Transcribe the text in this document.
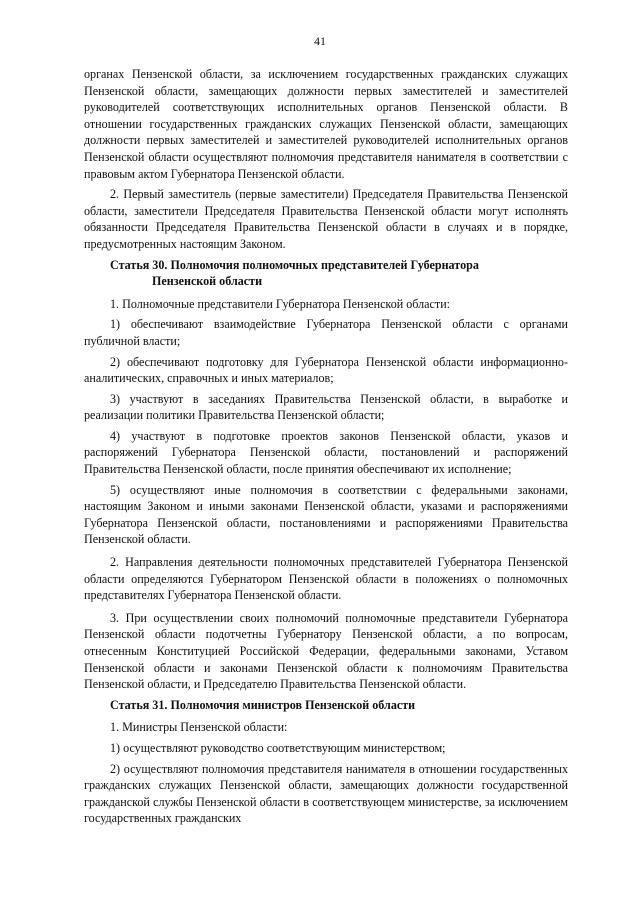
41

органах Пензенской области, за исключением государственных гражданских служащих Пензенской области, замещающих должности первых заместителей и заместителей руководителей соответствующих исполнительных органов Пензенской области. В отношении государственных гражданских служащих Пензенской области, замещающих должности первых заместителей и заместителей руководителей исполнительных органов Пензенской области осуществляют полномочия представителя нанимателя в соответствии с правовым актом Губернатора Пензенской области.

2. Первый заместитель (первые заместители) Председателя Правительства Пензенской области, заместители Председателя Правительства Пензенской области могут исполнять обязанности Председателя Правительства Пензенской области в случаях и в порядке, предусмотренных настоящим Законом.

Статья 30. Полномочия полномочных представителей Губернатора
Пензенской области

1. Полномочные представители Губернатора Пензенской области:

1) обеспечивают взаимодействие Губернатора Пензенской области с органами публичной власти;

2) обеспечивают подготовку для Губернатора Пензенской области информационно-аналитических, справочных и иных материалов;

3) участвуют в заседаниях Правительства Пензенской области, в выработке и реализации политики Правительства Пензенской области;

4) участвуют в подготовке проектов законов Пензенской области, указов и распоряжений Губернатора Пензенской области, постановлений и распоряжений Правительства Пензенской области, после принятия обеспечивают их исполнение;

5) осуществляют иные полномочия в соответствии с федеральными законами, настоящим Законом и иными законами Пензенской области, указами и распоряжениями Губернатора Пензенской области, постановлениями и распоряжениями Правительства Пензенской области.

2. Направления деятельности полномочных представителей Губернатора Пензенской области определяются Губернатором Пензенской области в положениях о полномочных представителях Губернатора Пензенской области.

3. При осуществлении своих полномочий полномочные представители Губернатора Пензенской области подотчетны Губернатору Пензенской области, а по вопросам, отнесенным Конституцией Российской Федерации, федеральными законами, Уставом Пензенской области и законами Пензенской области к полномочиям Правительства Пензенской области, и Председателю Правительства Пензенской области.

Статья 31. Полномочия министров Пензенской области

1. Министры Пензенской области:

1) осуществляют руководство соответствующим министерством;

2) осуществляют полномочия представителя нанимателя в отношении государственных гражданских служащих Пензенской области, замещающих должности государственной гражданской службы Пензенской области в соответствующем министерстве, за исключением государственных гражданских
